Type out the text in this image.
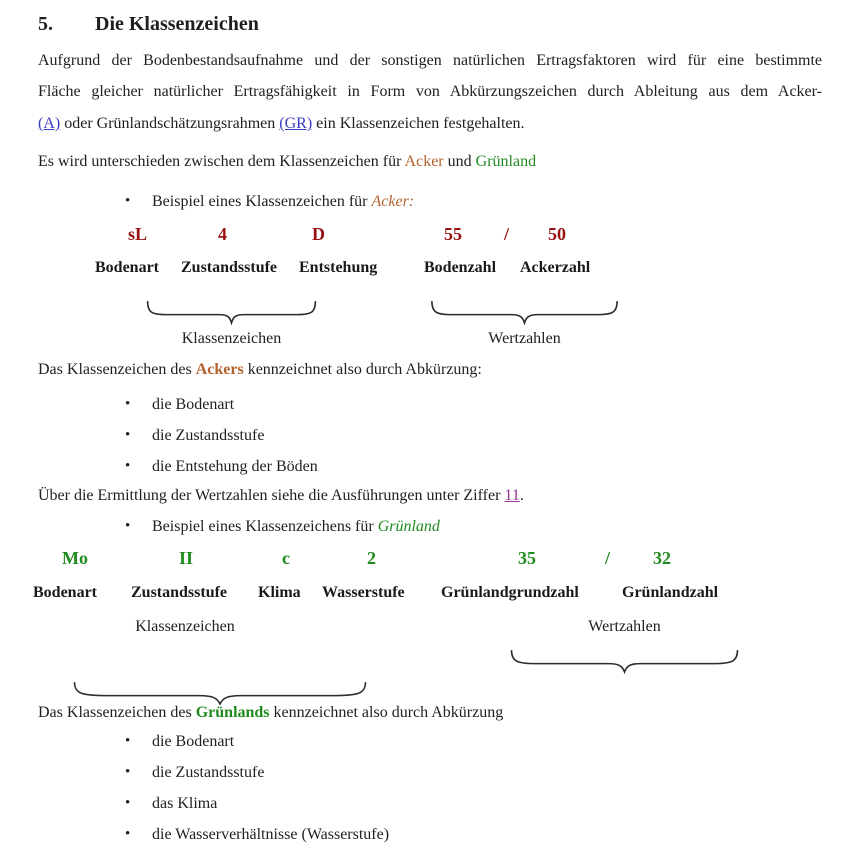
5.	Die Klassenzeichen
Aufgrund der Bodenbestandsaufnahme und der sonstigen natürlichen Ertragsfaktoren wird für eine bestimmte
Fläche gleicher natürlicher Ertragsfähigkeit in Form von Abkürzungszeichen durch Ableitung aus dem Acker-
(A) oder Grünlandschätzungsrahmen (GR) ein Klassenzeichen festgehalten.
Es wird unterschieden zwischen dem Klassenzeichen für Acker und Grünland
•	Beispiel eines Klassenzeichen für Acker:
sL	4	D	55 / 50
Bodenart Zustandsstufe Entstehung	Bodenzahl Ackerzahl
Klassenzeichen	Wertzahlen
Das Klassenzeichen des Ackers kennzeichnet also durch Abkürzung:
•	die Bodenart
•	die Zustandsstufe
•	die Entstehung der Böden
Über die Ermittlung der Wertzahlen siehe die Ausführungen unter Ziffer 11.
•	Beispiel eines Klassenzeichens für Grünland
Mo	II	c	2	35	/ 32
Bodenart Zustandsstufe Klima Wasserstufe Grünlandgrundzahl	Grünlandzahl
Klassenzeichen	Wertzahlen
Das Klassenzeichen des Grünlands kennzeichnet also durch Abkürzung
•	die Bodenart
•	die Zustandsstufe
•	das Klima
•	die Wasserverhältnisse (Wasserstufe)
